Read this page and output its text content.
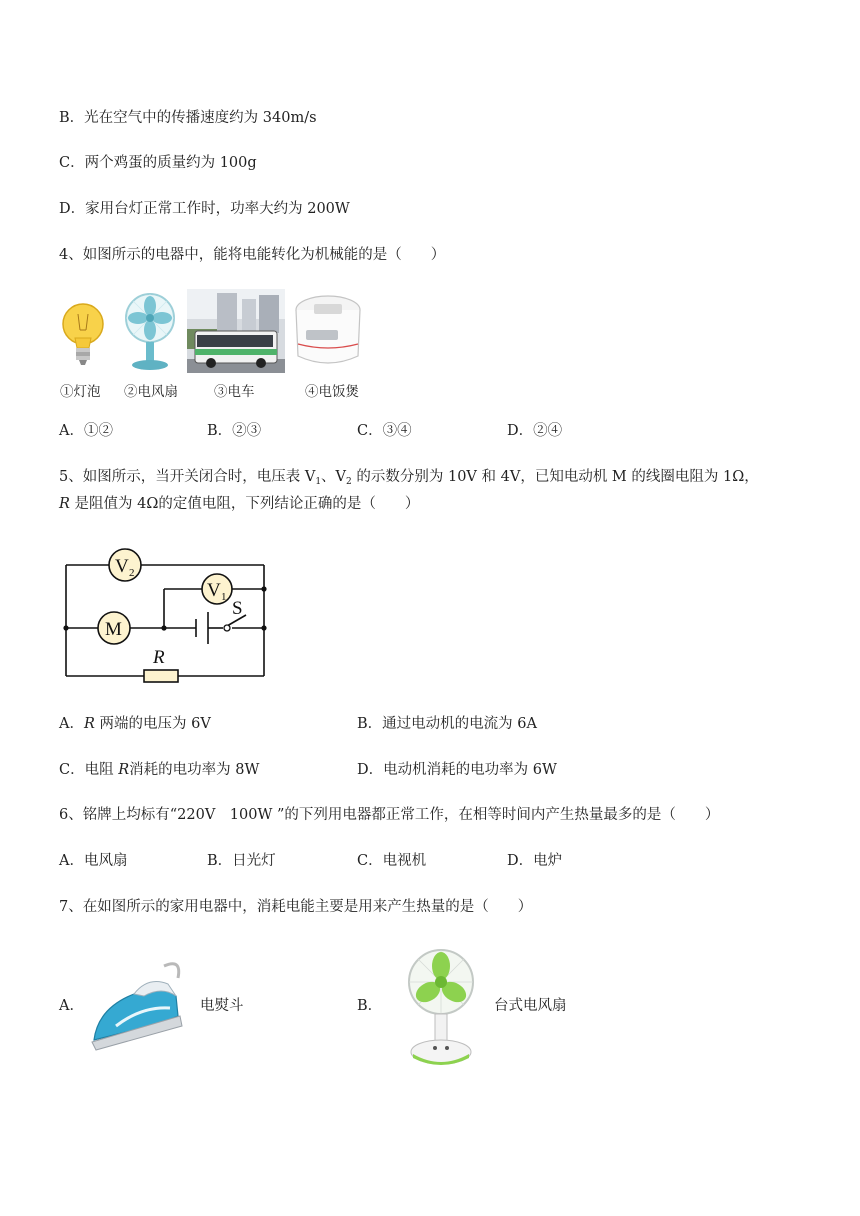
B．光在空气中的传播速度约为 340m/s
C．两个鸡蛋的质量约为 100g
D．家用台灯正常工作时，功率大约为 200W
4、如图所示的电器中，能将电能转化为机械能的是（　　）
①灯泡 ②电风扇	③电车	④电饭煲
A．①②	B．②③	C．③④	D．②④
5、如图所示，当开关闭合时，电压表 $V_1$、$V_2$ 的示数分别为 10V 和 4V，已知电动机 M 的线圈电阻为 1Ω，
R 是阻值为 4Ω的定值电阻，下列结论正确的是（　　）
V 2
V 1
S
M
R
A．R 两端的电压为 6V	B．通过电动机的电流为 6A
C．电阻 R消耗的电功率为 8W	D．电动机消耗的电功率为 6W
6、铭牌上均标有“220V　100W ”的下列用电器都正常工作，在相等时间内产生热量最多的是（　　）
A．电风扇	B．日光灯	C．电视机	D．电炉
7、在如图所示的家用电器中，消耗电能主要是用来产生热量的是（　　）
A．	电熨斗	B．	台式电风扇
